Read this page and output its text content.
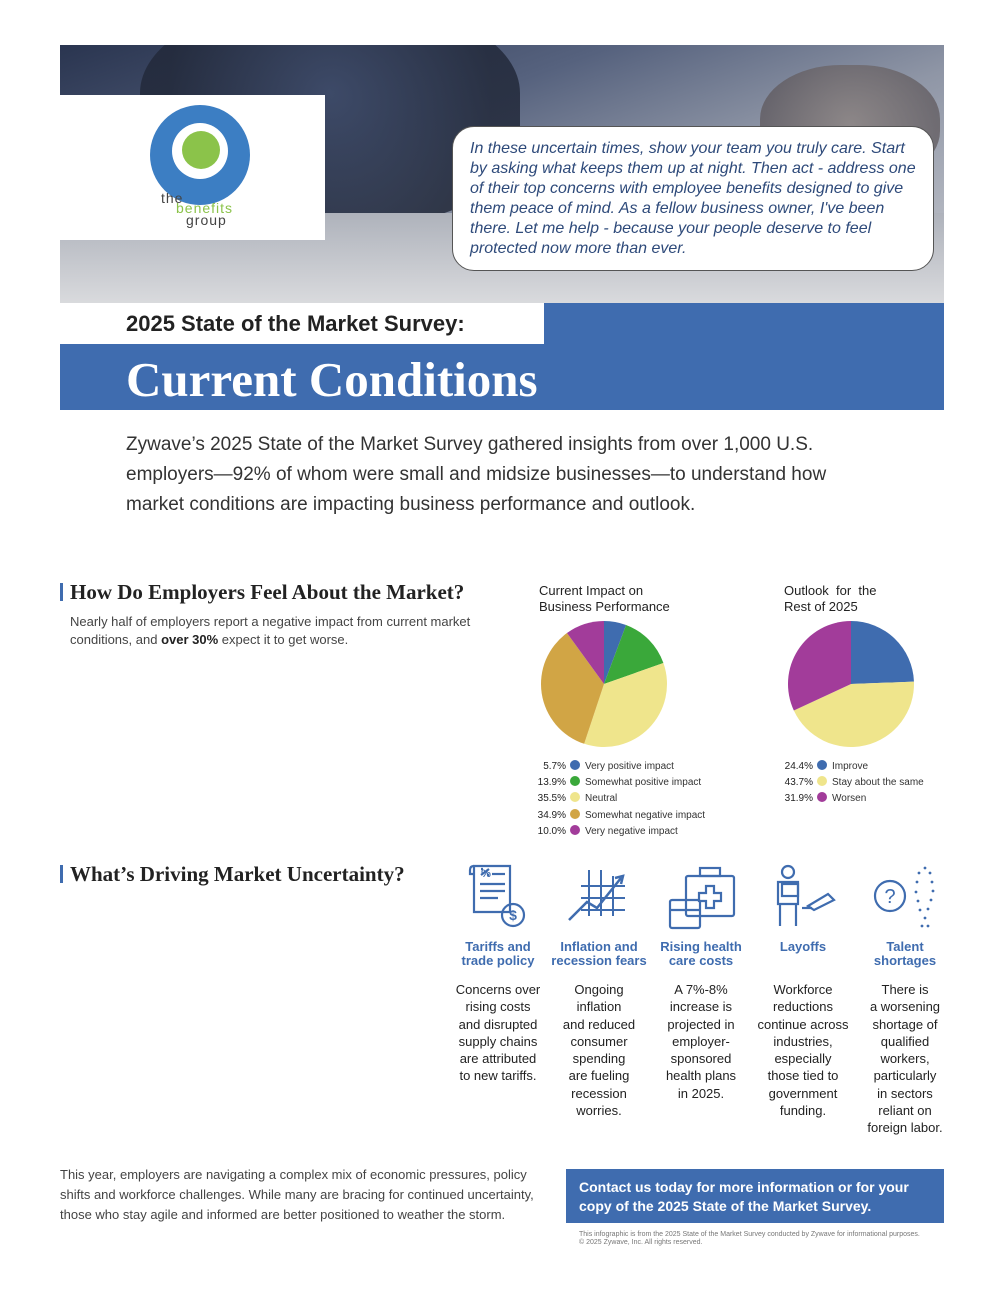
the
benefits
group
In these uncertain times, show your team you truly care. Start by asking what keeps them up at night. Then act - address one of their top concerns with employee benefits designed to give them peace of mind. As a fellow business owner, I've been there. Let me help - because your people deserve to feel protected now more than ever.
2025 State of the Market Survey:
Current Conditions
Zywave’s 2025 State of the Market Survey gathered insights from over 1,000 U.S. employers—92% of whom were small and midsize businesses—to understand how market conditions are impacting business performance and outlook.
How Do Employers Feel About the Market?
Nearly half of employers report a negative impact from current market conditions, and over 30% expect it to get worse.
Current Impact on
Business Performance
5.7% Very positive impact
13.9% Somewhat positive impact
35.5% Neutral
34.9% Somewhat negative impact
10.0% Very negative impact
Outlook  for  the
Rest of 2025
24.4% Improve
43.7% Stay about the same
31.9% Worsen
What’s Driving Market Uncertainty?
$
%
?
Tariffs and
trade policy
Concerns over
rising costs
and disrupted
supply chains
are attributed
to new tariffs.
Inflation and
recession fears
Ongoing
inflation
and reduced
consumer
spending
are fueling
recession
worries.
Rising health
care costs
A 7%-8%
increase is
projected in
employer-
sponsored
health plans
in 2025.
Layoffs
Workforce
reductions
continue across
industries,
especially
those tied to
government
funding.
Talent
shortages
There is
a worsening
shortage of
qualified
workers,
particularly
in sectors
reliant on
foreign labor.
This year, employers are navigating a complex mix of economic pressures, policy shifts and workforce challenges. While many are bracing for continued uncertainty, those who stay agile and informed are better positioned to weather the storm.
Contact us today for more information or for your copy of the 2025 State of the Market Survey.
This infographic is from the 2025 State of the Market Survey conducted by Zywave for informational purposes.
© 2025 Zywave, Inc. All rights reserved.
